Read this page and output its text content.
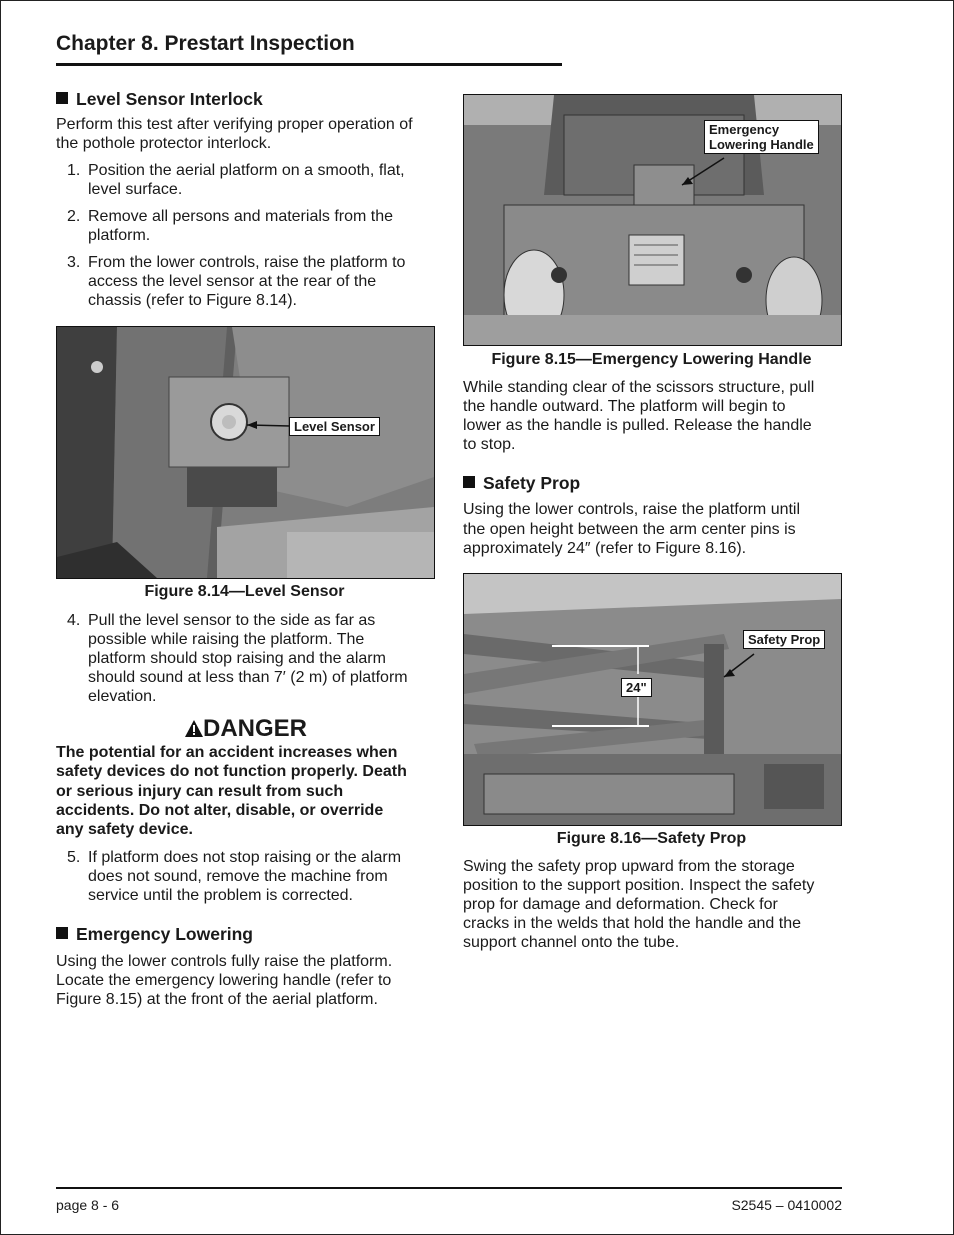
Chapter 8. Prestart Inspection
Level Sensor Interlock

Perform this test after verifying proper operation of the pothole protector interlock.

1. Position the aerial platform on a smooth, flat,
level surface.
2. Remove all persons and materials from the
platform.
3. From the lower controls, raise the platform to
access the level sensor at the rear of the
chassis (refer to Figure 8.14).
Level Sensor
Figure 8.14—Level Sensor
4. Pull the level sensor to the side as far as
possible while raising the platform. The
platform should stop raising and the alarm
should sound at less than 7′ (2 m) of platform
elevation.
DANGER
The potential for an accident increases when
safety devices do not function properly. Death
or serious injury can result from such
accidents. Do not alter, disable, or override
any safety device.
5. If platform does not stop raising or the alarm
does not sound, remove the machine from
service until the problem is corrected.
Emergency Lowering
Using the lower controls fully raise the platform.
Locate the emergency lowering handle (refer to
Figure 8.15) at the front of the aerial platform.
Emergency
Lowering Handle
Figure 8.15—Emergency Lowering Handle
While standing clear of the scissors structure, pull
the handle outward. The platform will begin to
lower as the handle is pulled. Release the handle
to stop.
Safety Prop
Using the lower controls, raise the platform until
the open height between the arm center pins is
approximately 24″ (refer to Figure 8.16).
Safety Prop
24"
Figure 8.16—Safety Prop
Swing the safety prop upward from the storage
position to the support position. Inspect the safety
prop for damage and deformation. Check for
cracks in the welds that hold the handle and the
support channel onto the tube.
page 8 - 6	S2545 – 0410002
